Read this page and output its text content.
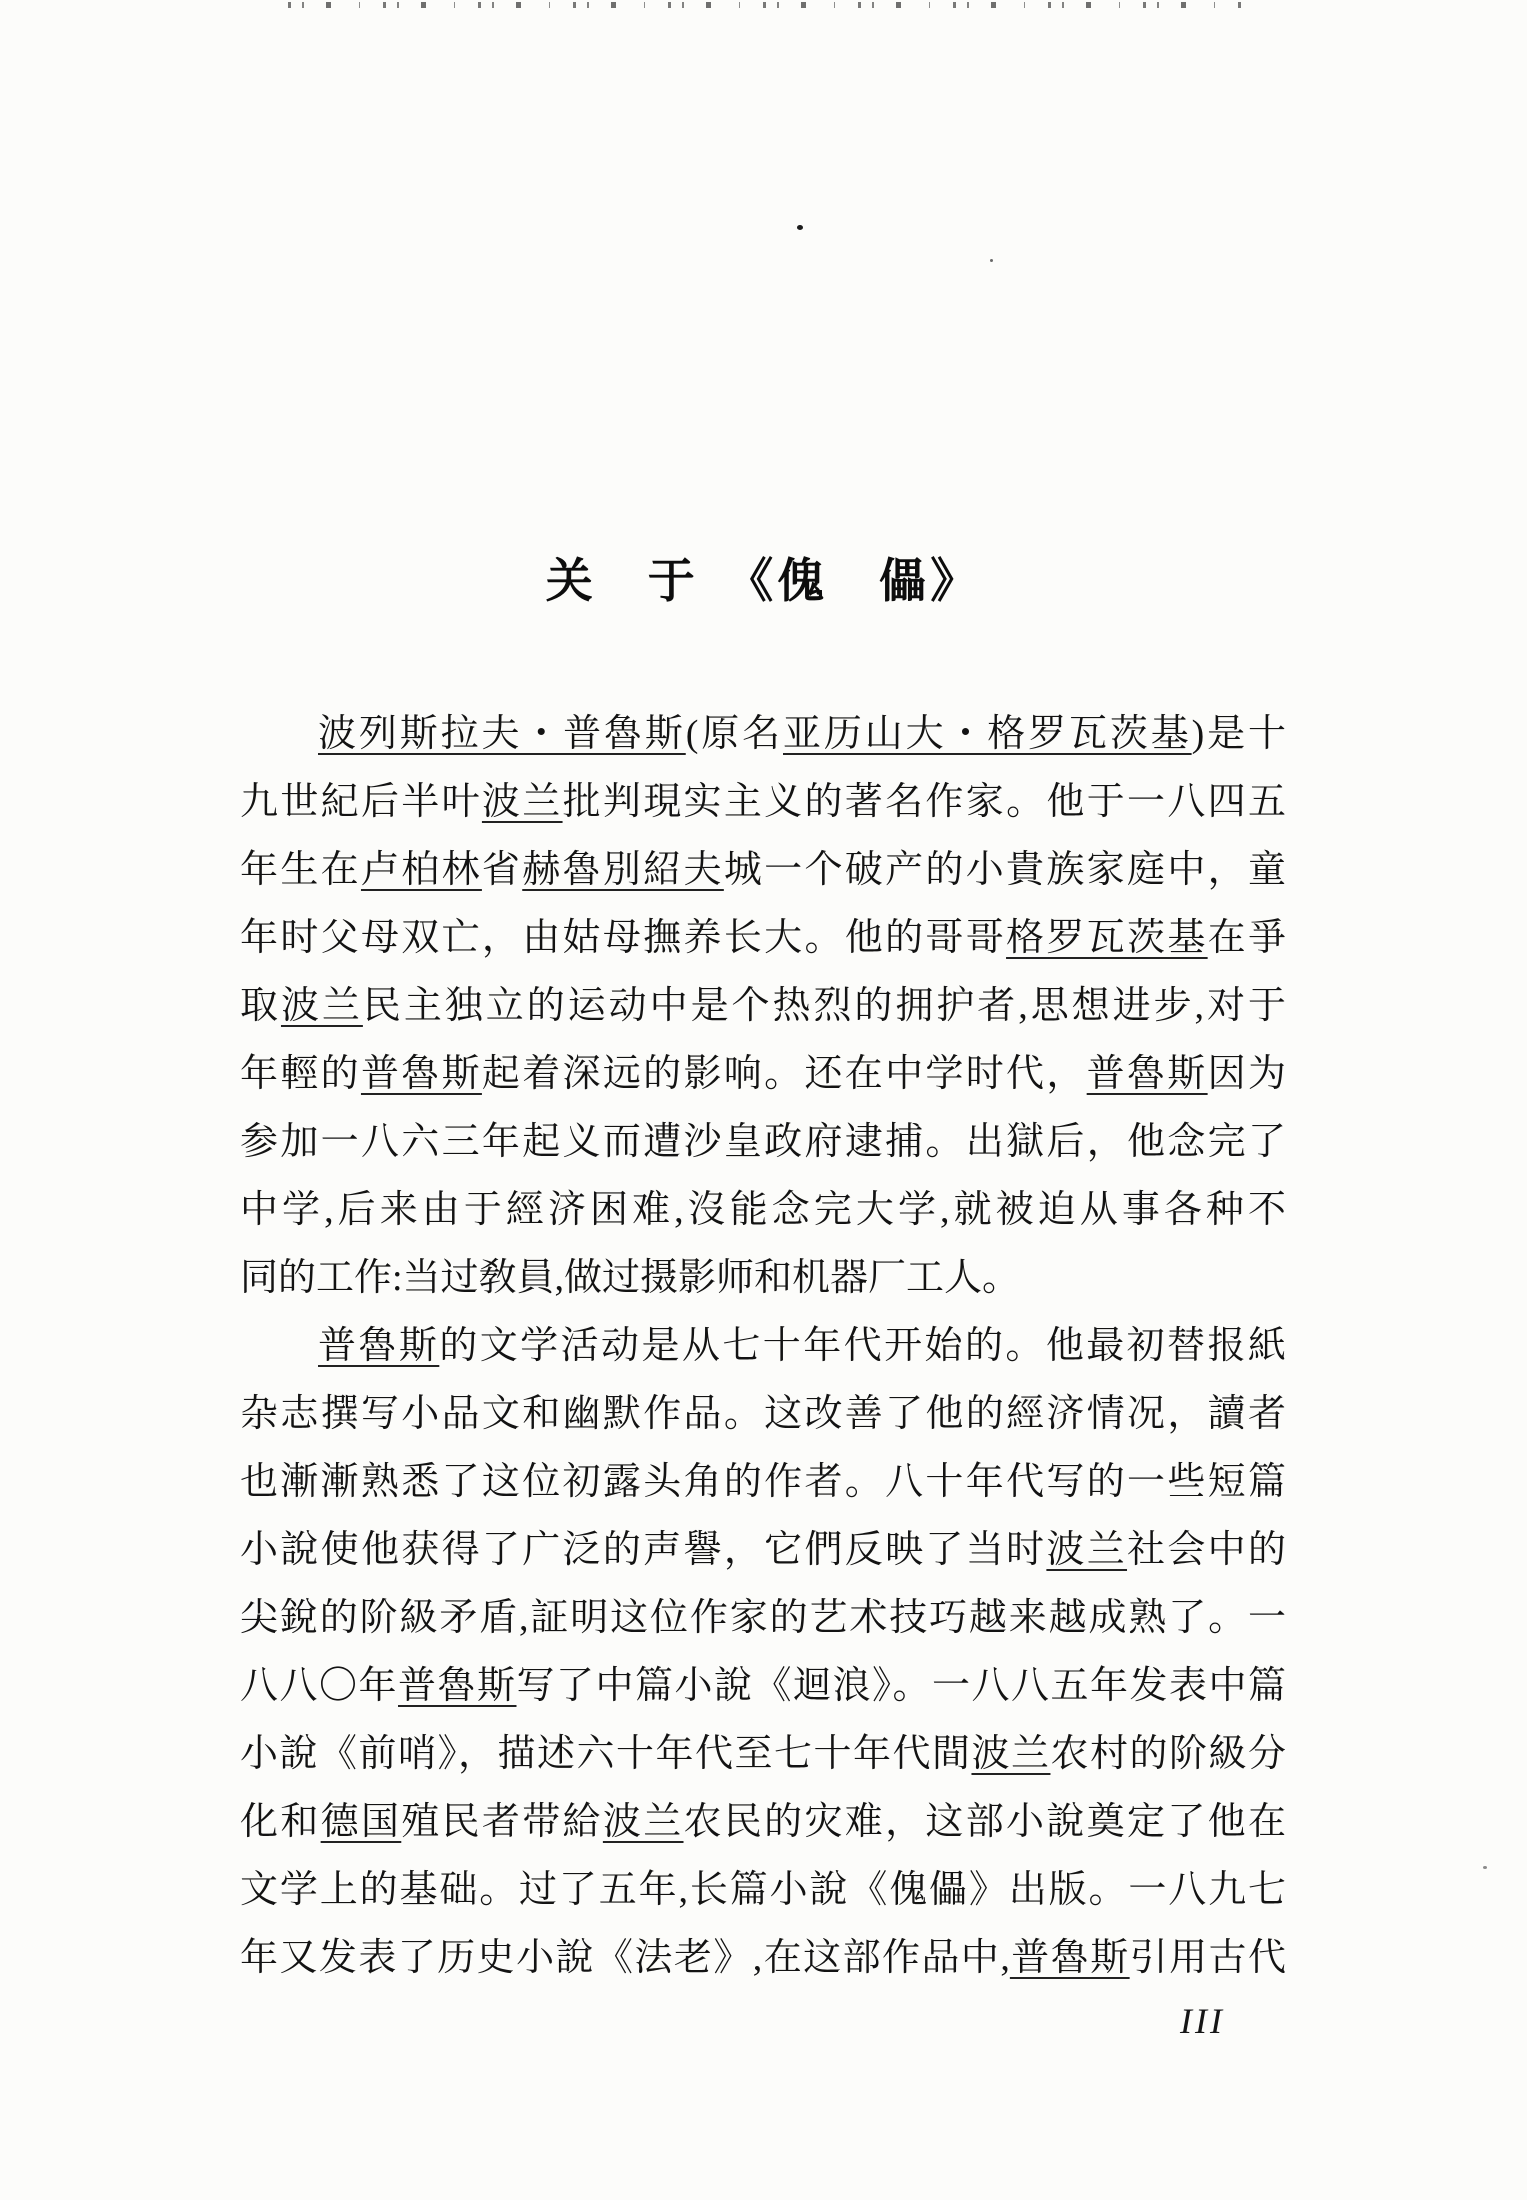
关　于　《傀　儡》
波列斯拉夫・普魯斯(原名亚历山大・格罗瓦茨基)是十
九世紀后半叶波兰批判現实主义的著名作家。他于一八四五
年生在卢柏林省赫魯別紹夫城一个破产的小貴族家庭中，童
年时父母双亡，由姑母撫养长大。他的哥哥格罗瓦茨基在爭
取波兰民主独立的运动中是个热烈的拥护者,思想进步,对于
年輕的普魯斯起着深远的影响。还在中学时代，普魯斯因为
参加一八六三年起义而遭沙皇政府逮捕。出獄后，他念完了
中学,后来由于經济困难,沒能念完大学,就被迫从事各种不
同的工作:当过敎員,做过摄影师和机器厂工人。
普魯斯的文学活动是从七十年代开始的。他最初替报紙
杂志撰写小品文和幽默作品。这改善了他的經济情况，讀者
也漸漸熟悉了这位初露头角的作者。八十年代写的一些短篇
小說使他获得了广泛的声譽，它們反映了当时波兰社会中的
尖銳的阶級矛盾,証明这位作家的艺术技巧越来越成熟了。一
八八〇年普魯斯写了中篇小說《迴浪》。一八八五年发表中篇
小說《前哨》，描述六十年代至七十年代間波兰农村的阶級分
化和德国殖民者带給波兰农民的灾难，这部小說奠定了他在
文学上的基础。过了五年,长篇小說《傀儡》出版。一八九七
年又发表了历史小說《法老》,在这部作品中,普魯斯引用古代
III
